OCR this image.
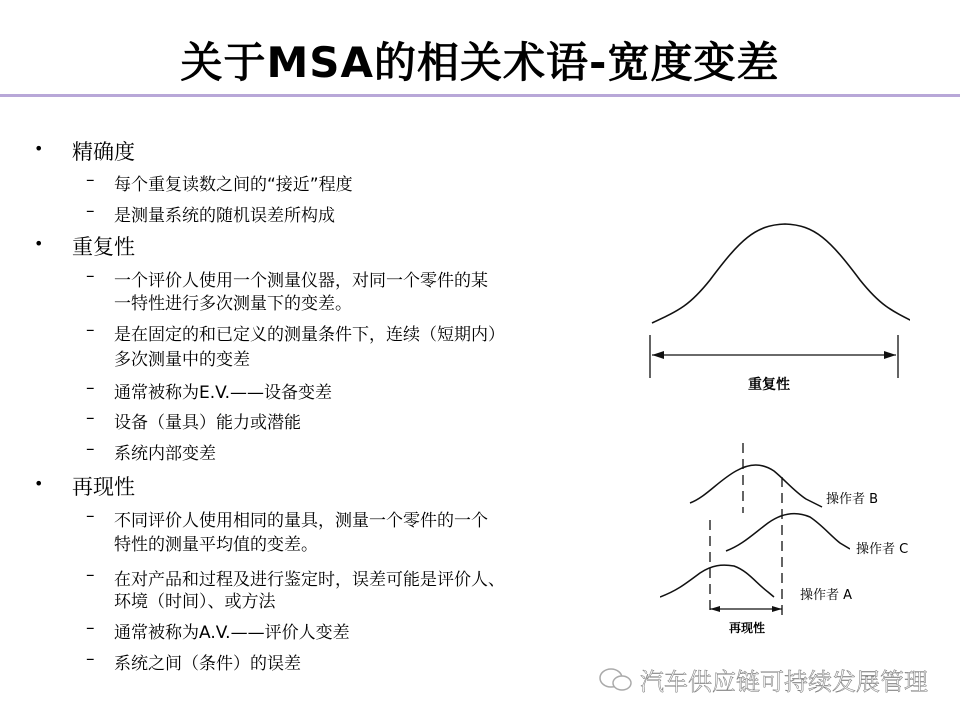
关于MSA的相关术语-宽度变差
• 精确度
– 每个重复读数之间的“接近”程度
– 是测量系统的随机误差所构成
• 重复性
– 一个评价人使用一个测量仪器，对同一个零件的某
一特性进行多次测量下的变差。
– 是在固定的和已定义的测量条件下，连续（短期内）
多次测量中的变差
– 通常被称为E.V.——设备变差
– 设备（量具）能力或潜能
– 系统内部变差
• 再现性
– 不同评价人使用相同的量具，测量一个零件的一个
特性的测量平均值的变差。
– 在对产品和过程及进行鉴定时，误差可能是评价人、
环境（时间）、或方法
– 通常被称为A.V.——评价人变差
– 系统之间（条件）的误差
重复性
操作者 B
操作者 C
操作者 A
再现性
汽车供应链可持续发展管理
